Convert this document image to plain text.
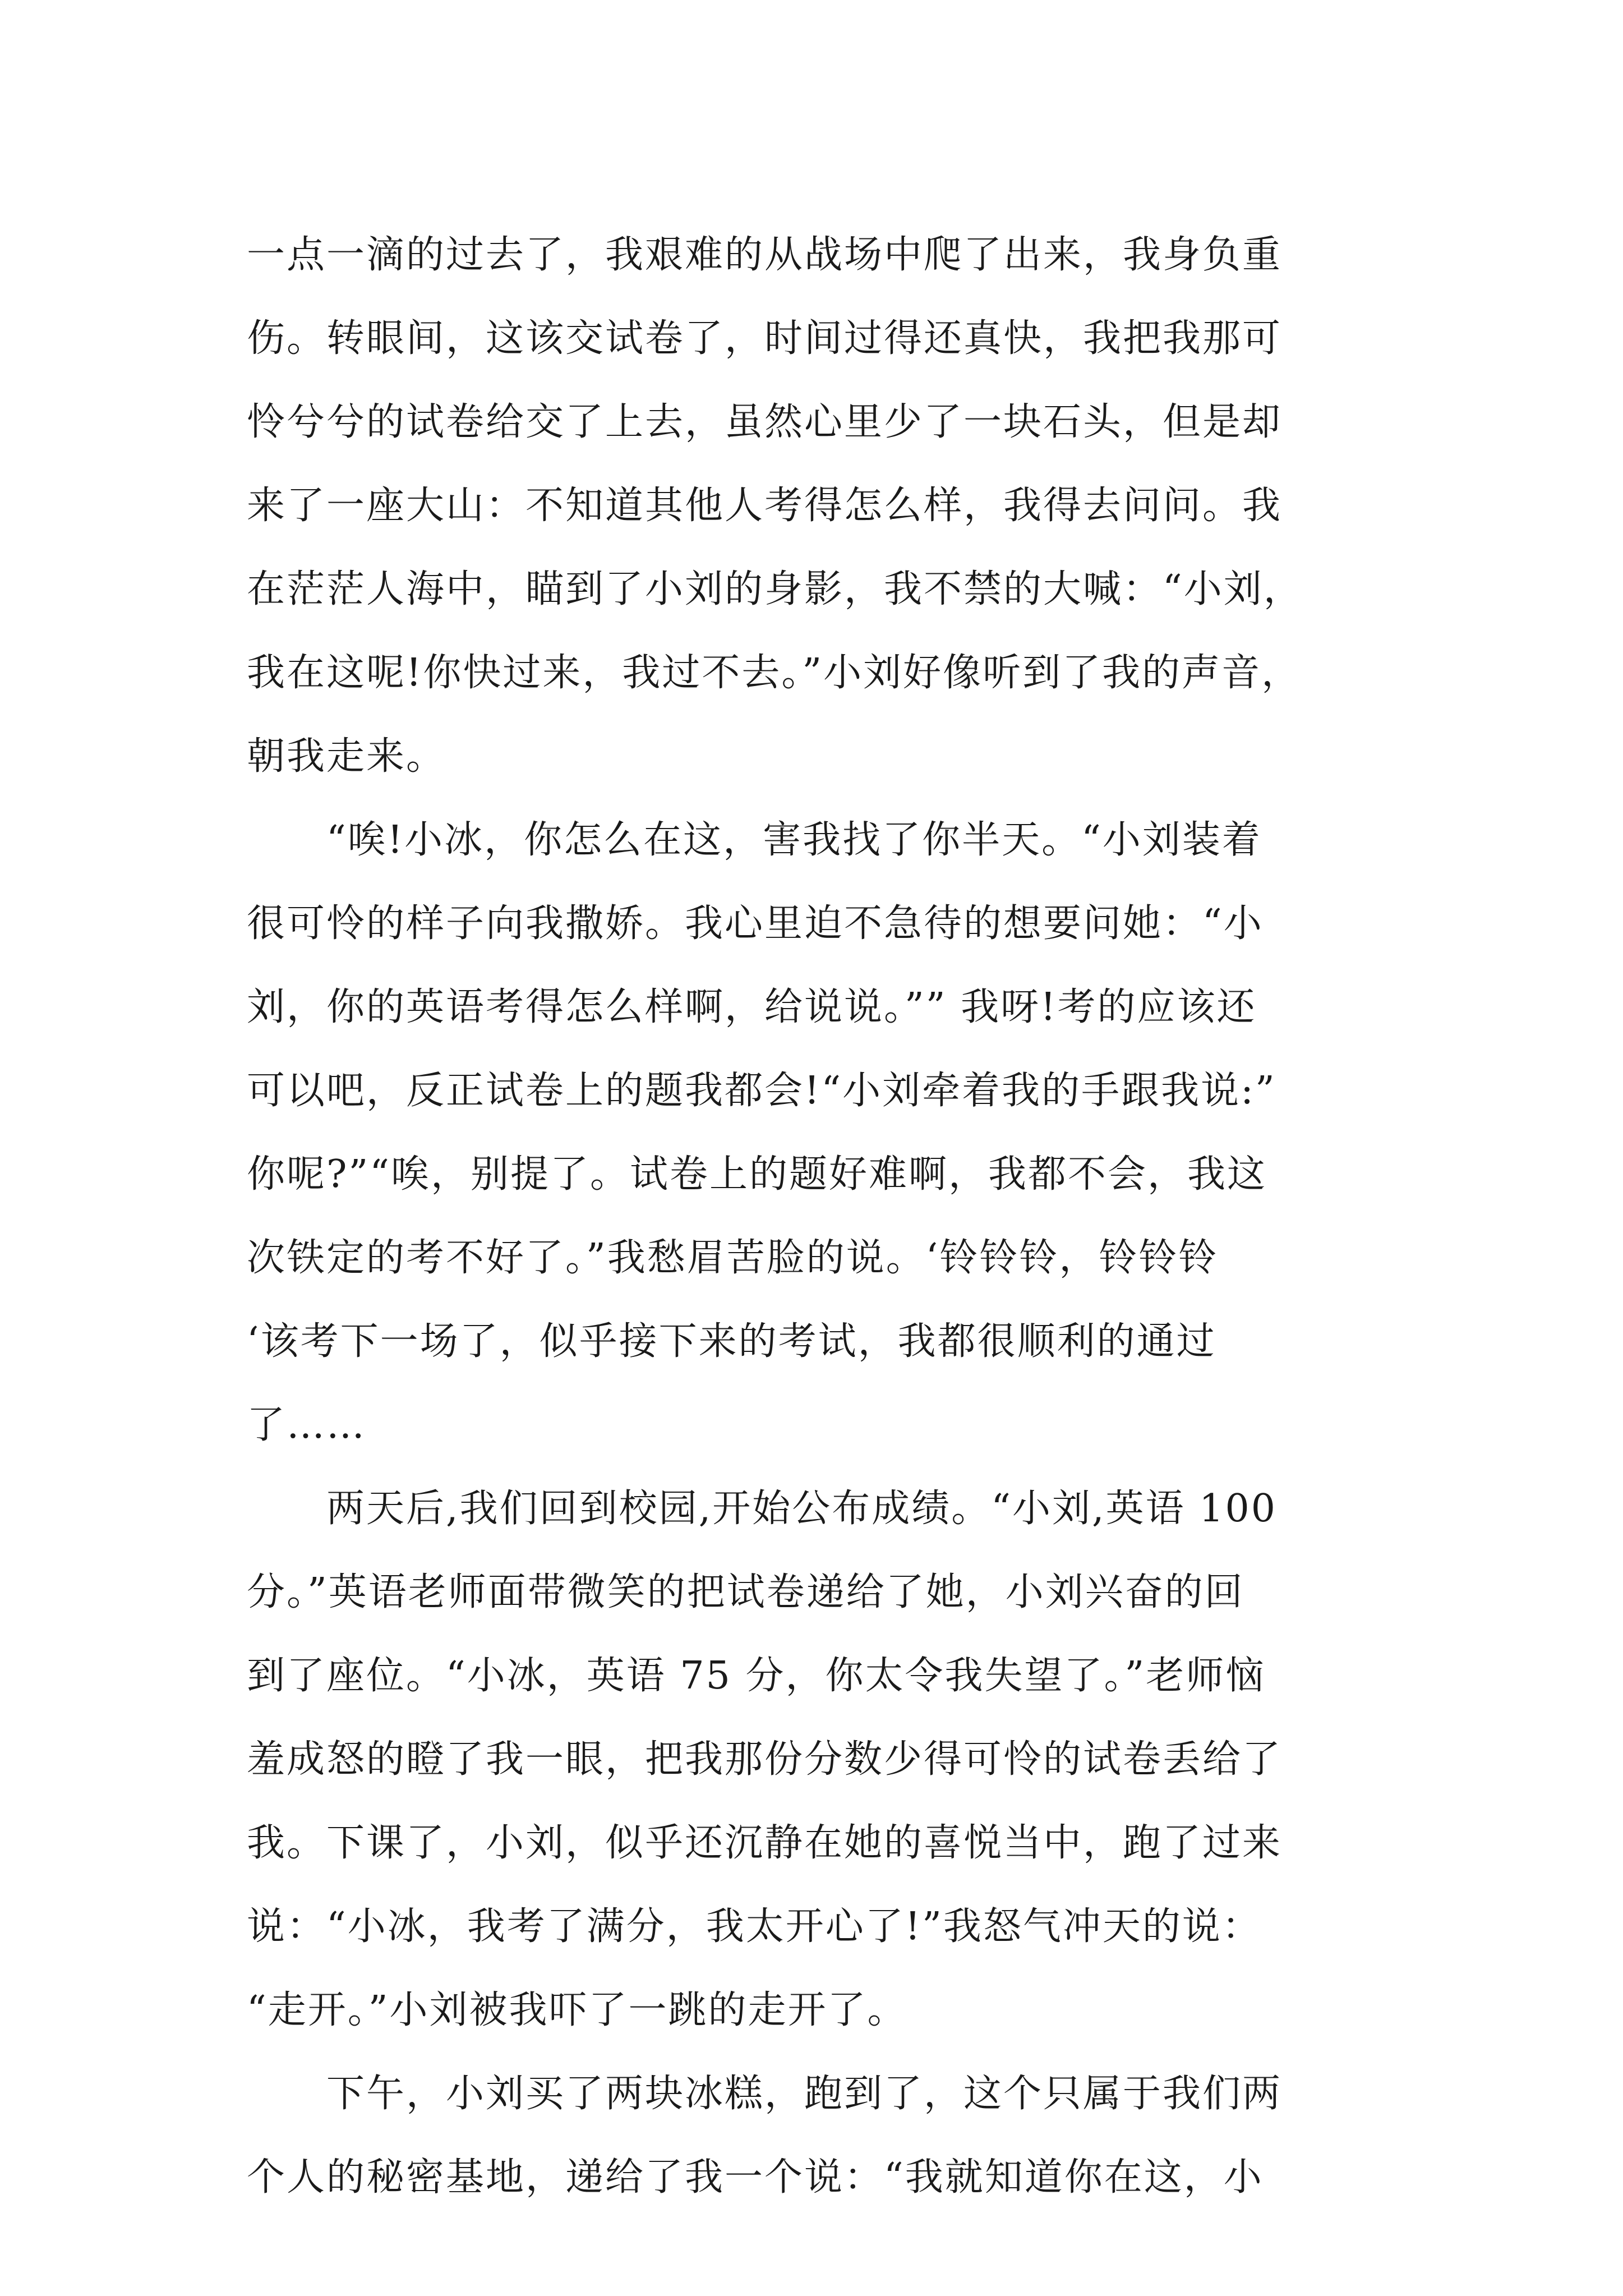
一点一滴的过去了，我艰难的从战场中爬了出来，我身负重
伤。转眼间，这该交试卷了，时间过得还真快，我把我那可
怜兮兮的试卷给交了上去，虽然心里少了一块石头，但是却
来了一座大山：不知道其他人考得怎么样，我得去问问。我
在茫茫人海中，瞄到了小刘的身影，我不禁的大喊：“小刘，
我在这呢!你快过来，我过不去。”小刘好像听到了我的声音，
朝我走来。
　　“唉!小冰，你怎么在这，害我找了你半天。“小刘装着
很可怜的样子向我撒娇。我心里迫不急待的想要问她：“小
刘，你的英语考得怎么样啊，给说说。”” 我呀!考的应该还
可以吧，反正试卷上的题我都会!“小刘牵着我的手跟我说:”
你呢?”“唉，别提了。试卷上的题好难啊，我都不会，我这
次铁定的考不好了。”我愁眉苦脸的说。‘铃铃铃，铃铃铃
‘该考下一场了，似乎接下来的考试，我都很顺利的通过
了……
　　两天后,我们回到校园,开始公布成绩。“小刘,英语 100
分。”英语老师面带微笑的把试卷递给了她，小刘兴奋的回
到了座位。“小冰，英语 75 分，你太令我失望了。”老师恼
羞成怒的瞪了我一眼，把我那份分数少得可怜的试卷丢给了
我。下课了，小刘，似乎还沉静在她的喜悦当中，跑了过来
说：“小冰，我考了满分，我太开心了!”我怒气冲天的说：
“走开。”小刘被我吓了一跳的走开了。
　　下午，小刘买了两块冰糕，跑到了，这个只属于我们两
个人的秘密基地，递给了我一个说：“我就知道你在这，小
